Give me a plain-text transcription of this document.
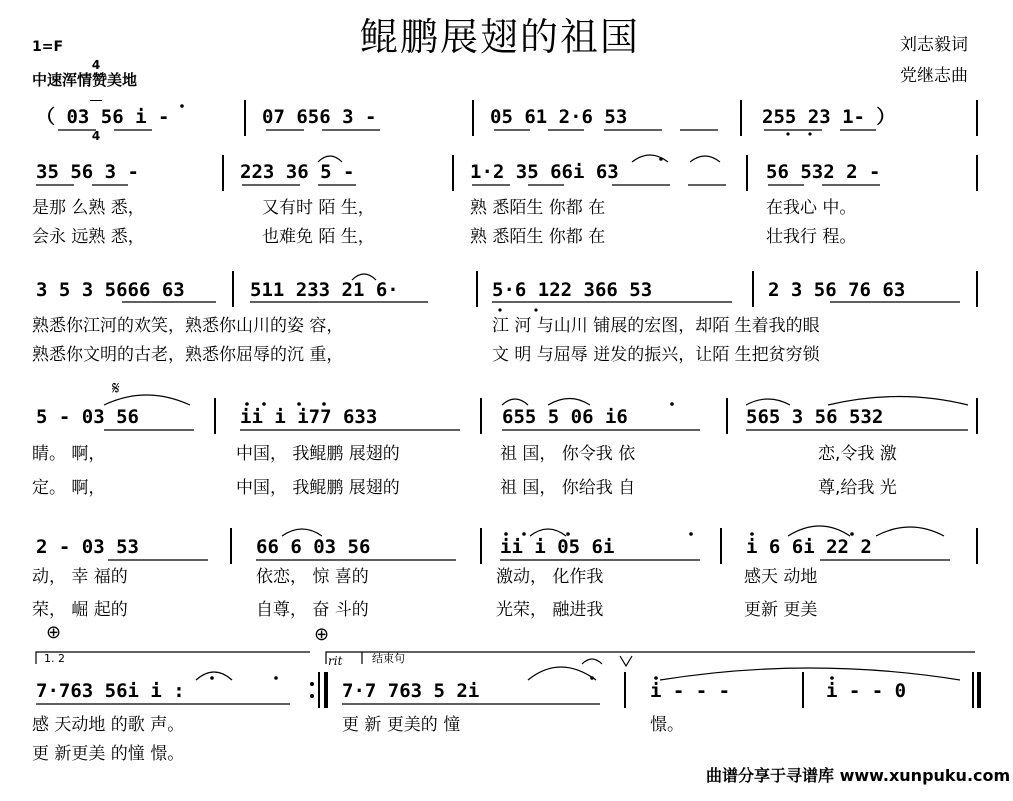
鲲鹏展翅的祖国
1=F

4

4

中速浑情赞美地
刘志毅词
党继志曲
（ 03 56 i -	07 656 3 -	05 61 2·6 53	255 23 1- ）
35 56 3 -	223 36 5 -	1·2 35 66i 63	56 532 2 -
是那 么熟 悉，	又有时 陌 生，	熟 悉陌生 你都 在	在我心 中。
会永 远熟 悉，	也难免 陌 生，	熟 悉陌生 你都 在	壮我行 程。
3 5 3 5666 63	511 233 21 6·	5·6 122 366 53	2 3 56 76 63
熟悉你江河的欢笑，熟悉你山川的姿 容，	江 河 与山川 铺展的宏图，却陌 生着我的眼
熟悉你文明的古老，熟悉你屈辱的沉 重，	文 明 与屈辱 迸发的振兴，让陌 生把贫穷锁
𝄋
5 - 03 56	ii i i77 633	655 5 06 i6	565 3 56 532
睛。 啊，	中国， 我鲲鹏 展翅的	祖 国， 你令我 依	恋,令我 激
定。 啊，	中国， 我鲲鹏 展翅的	祖 国， 你给我 自	尊,给我 光
2 - 03 53	66 6 03 56	ii i 05 6i	i 6 6i 22 2
动， 幸 福的	依恋， 惊 喜的	激动， 化作我	感天 动地
荣， 崛 起的	自尊， 奋 斗的	光荣， 融进我	更新 更美
⊕	⊕
1. 2	rit	结束句
7·763 56i i :	7·7 763 5 2i	i - - -	i - - 0
感 天动地 的歌 声。	更 新 更美的 憧	憬。
更 新更美 的憧 憬。
曲谱分享于寻谱库 www.xunpuku.com
